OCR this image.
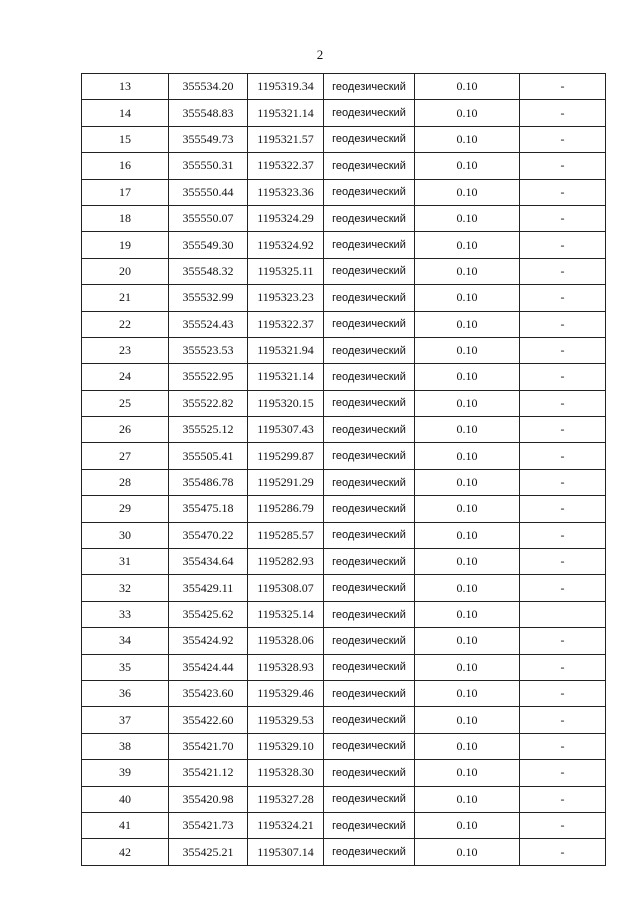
2
13	355534.20	1195319.34	геодезический	0.10	-
14	355548.83	1195321.14	геодезический	0.10	-
15	355549.73	1195321.57	геодезический	0.10	-
16	355550.31	1195322.37	геодезический	0.10	-
17	355550.44	1195323.36	геодезический	0.10	-
18	355550.07	1195324.29	геодезический	0.10	-
19	355549.30	1195324.92	геодезический	0.10	-
20	355548.32	1195325.11	геодезический	0.10	-
21	355532.99	1195323.23	геодезический	0.10	-
22	355524.43	1195322.37	геодезический	0.10	-
23	355523.53	1195321.94	геодезический	0.10	-
24	355522.95	1195321.14	геодезический	0.10	-
25	355522.82	1195320.15	геодезический	0.10	-
26	355525.12	1195307.43	геодезический	0.10	-
27	355505.41	1195299.87	геодезический	0.10	-
28	355486.78	1195291.29	геодезический	0.10	-
29	355475.18	1195286.79	геодезический	0.10	-
30	355470.22	1195285.57	геодезический	0.10	-
31	355434.64	1195282.93	геодезический	0.10	-
32	355429.11	1195308.07	геодезический	0.10	-
33	355425.62	1195325.14	геодезический	0.10	
34	355424.92	1195328.06	геодезический	0.10	-
35	355424.44	1195328.93	геодезический	0.10	-
36	355423.60	1195329.46	геодезический	0.10	-
37	355422.60	1195329.53	геодезический	0.10	-
38	355421.70	1195329.10	геодезический	0.10	-
39	355421.12	1195328.30	геодезический	0.10	-
40	355420.98	1195327.28	геодезический	0.10	-
41	355421.73	1195324.21	геодезический	0.10	-
42	355425.21	1195307.14	геодезический	0.10	-
